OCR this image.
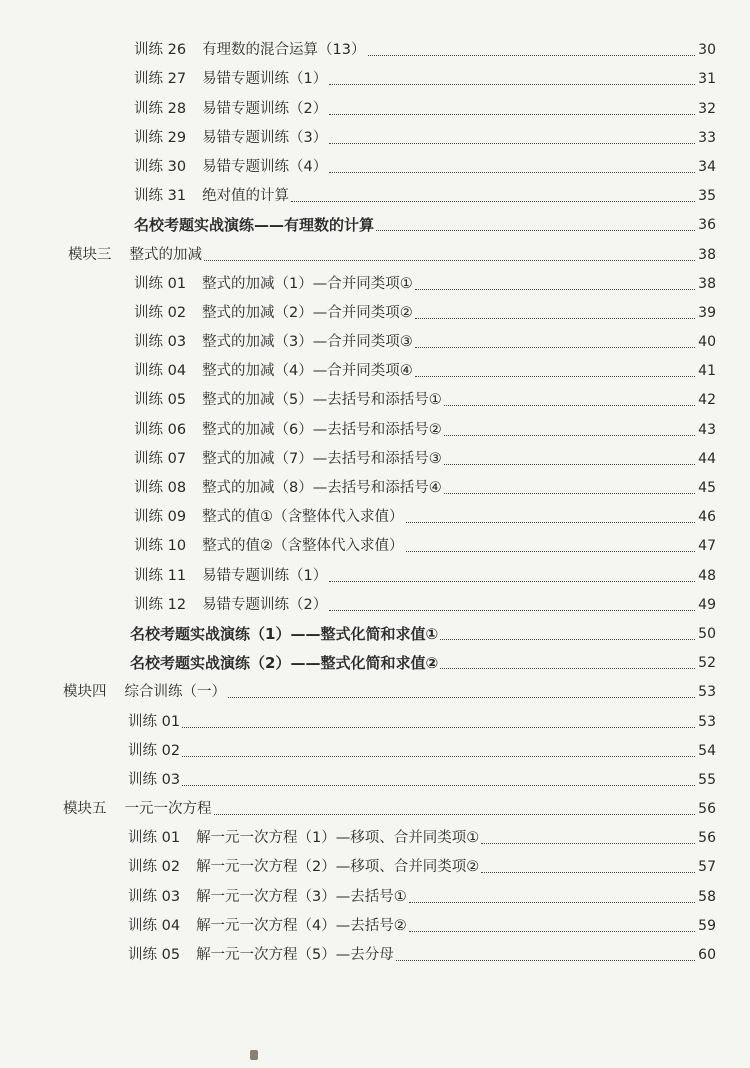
训练 26 有理数的混合运算（13）	30
训练 27 易错专题训练（1）	31
训练 28 易错专题训练（2）	32
训练 29 易错专题训练（3）	33
训练 30 易错专题训练（4）	34
训练 31 绝对值的计算	35
名校考题实战演练——有理数的计算	36
模块三 整式的加减	38
训练 01 整式的加减（1）—合并同类项①	38
训练 02 整式的加减（2）—合并同类项②	39
训练 03 整式的加减（3）—合并同类项③	40
训练 04 整式的加减（4）—合并同类项④	41
训练 05 整式的加减（5）—去括号和添括号①	42
训练 06 整式的加减（6）—去括号和添括号②	43
训练 07 整式的加减（7）—去括号和添括号③	44
训练 08 整式的加减（8）—去括号和添括号④	45
训练 09 整式的值①（含整体代入求值）	46
训练 10 整式的值②（含整体代入求值）	47
训练 11 易错专题训练（1）	48
训练 12 易错专题训练（2）	49
名校考题实战演练（1）——整式化简和求值①	50
名校考题实战演练（2）——整式化简和求值②	52
模块四 综合训练（一）	53
训练 01	53
训练 02	54
训练 03	55
模块五 一元一次方程	56
训练 01 解一元一次方程（1）—移项、合并同类项①	56
训练 02 解一元一次方程（2）—移项、合并同类项②	57
训练 03 解一元一次方程（3）—去括号①	58
训练 04 解一元一次方程（4）—去括号②	59
训练 05 解一元一次方程（5）—去分母	60
